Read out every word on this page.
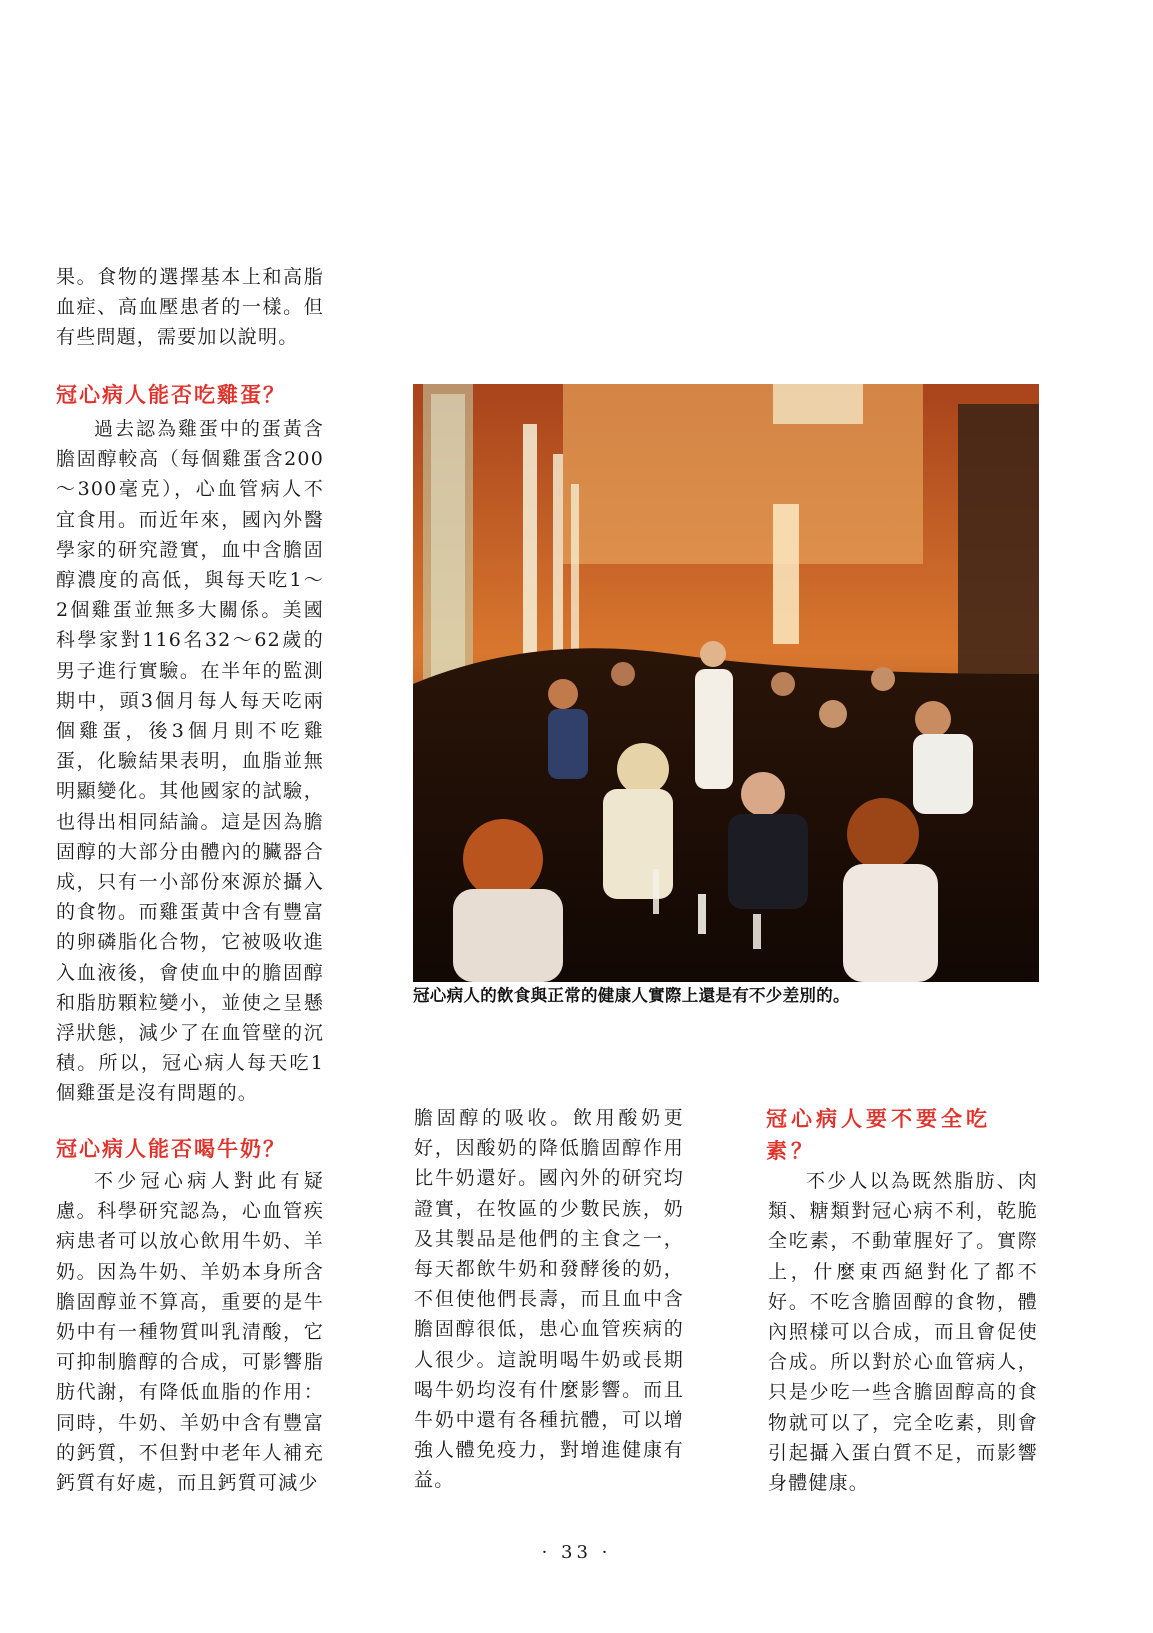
果。食物的選擇基本上和高脂血症、高血壓患者的一樣。但有些問題，需要加以說明。

冠心病人能否吃雞蛋？

過去認為雞蛋中的蛋黃含膽固醇較高（每個雞蛋含200～300毫克），心血管病人不宜食用。而近年來，國內外醫學家的研究證實，血中含膽固醇濃度的高低，與每天吃1～2個雞蛋並無多大關係。美國科學家對116名32～62歲的男子進行實驗。在半年的監測期中，頭3個月每人每天吃兩個雞蛋，後3個月則不吃雞蛋，化驗結果表明，血脂並無明顯變化。其他國家的試驗，也得出相同結論。這是因為膽固醇的大部分由體內的臟器合成，只有一小部份來源於攝入的食物。而雞蛋黃中含有豐富的卵磷脂化合物，它被吸收進入血液後，會使血中的膽固醇和脂肪顆粒變小，並使之呈懸浮狀態，減少了在血管壁的沉積。所以，冠心病人每天吃1個雞蛋是沒有問題的。

冠心病人能否喝牛奶？

不少冠心病人對此有疑慮。科學研究認為，心血管疾病患者可以放心飲用牛奶、羊奶。因為牛奶、羊奶本身所含膽固醇並不算高，重要的是牛奶中有一種物質叫乳清酸，它可抑制膽醇的合成，可影響脂肪代謝，有降低血脂的作用：同時，牛奶、羊奶中含有豐富的鈣質，不但對中老年人補充鈣質有好處，而且鈣質可減少

冠心病人的飲食與正常的健康人實際上還是有不少差別的。

膽固醇的吸收。飲用酸奶更好，因酸奶的降低膽固醇作用比牛奶還好。國內外的研究均證實，在牧區的少數民族，奶及其製品是他們的主食之一，每天都飲牛奶和發酵後的奶，不但使他們長壽，而且血中含膽固醇很低，患心血管疾病的人很少。這說明喝牛奶或長期喝牛奶均沒有什麼影響。而且牛奶中還有各種抗體，可以增強人體免疫力，對增進健康有益。

冠心病人要不要全吃素？

不少人以為既然脂肪、肉類、糖類對冠心病不利，乾脆全吃素，不動葷腥好了。實際上，什麼東西絕對化了都不好。不吃含膽固醇的食物，體內照樣可以合成，而且會促使合成。所以對於心血管病人，只是少吃一些含膽固醇高的食物就可以了，完全吃素，則會引起攝入蛋白質不足，而影響身體健康。

· 33 ·
